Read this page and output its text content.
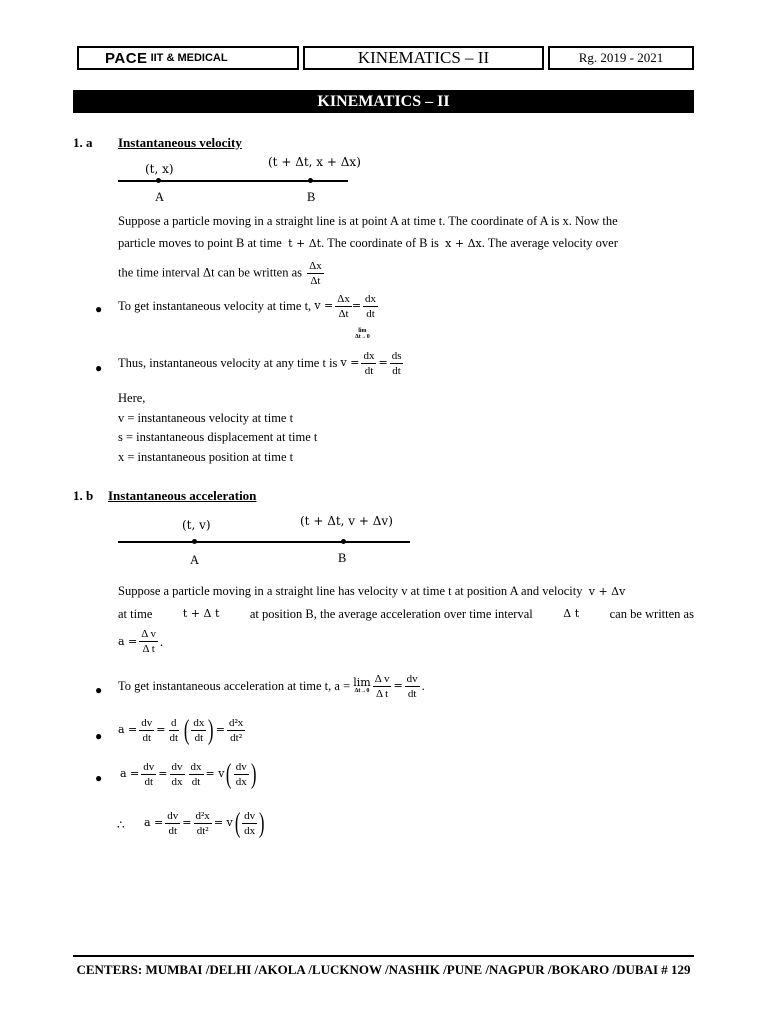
PACE IIT & MEDICAL	KINEMATICS – II	Rg. 2019 - 2021
KINEMATICS – II
1. a Instantaneous velocity
(t, x)	(t + Δt, x + Δx)
A	B
Suppose a particle moving in a straight line is at point A at time t. The coordinate of A is x. Now the
particle moves to point B at time t + Δt. The coordinate of B is x + Δx. The average velocity over
the time interval Δt can be written as $\frac{\Delta x}{\Delta t}$
● To get instantaneous velocity at time t,
$v = \frac{\Delta x}{\Delta t} = \frac{dx}{dt}$
lim
Δt→0
● Thus, instantaneous velocity at any time t is
$v = \frac{dx}{dt} = \frac{ds}{dt}$
Here,
v = instantaneous velocity at time t
s = instantaneous displacement at time t
x = instantaneous position at time t
1. b Instantaneous acceleration
(t, v)	(t + Δt, v + Δv)
A	B
Suppose a particle moving in a straight line has velocity v at time t at position A and velocity v + Δv
at time	t + Δ t at position B, the average acceleration over time interval	Δ t can be written as
$a = \frac{\text{Δ v}}{\text{Δ t}}$ .
● To get instantaneous acceleration at time t, a =
lim
$\Delta t\to 0 \frac{\text{Δ v}}{\text{Δ t}} = \frac{dv}{dt}$ .
● $a = \frac{dv}{dt} = \frac{d}{dt}$ ( $\frac{dx}{dt}$ ) = $\frac{\text{d²x}}{\text{dt²}}$
● $a = \frac{dv}{dt} = \frac{dv}{dx} \frac{dx}{dt} = v$ ( $\frac{dv}{dx}$ )
∴ $a = \frac{dv}{dt} = \frac{\text{d²x}}{\text{dt²}} = v$ ( $\frac{dv}{dx}$ )
CENTERS: MUMBAI /DELHI /AKOLA /LUCKNOW /NASHIK /PUNE /NAGPUR /BOKARO /DUBAI # 129
